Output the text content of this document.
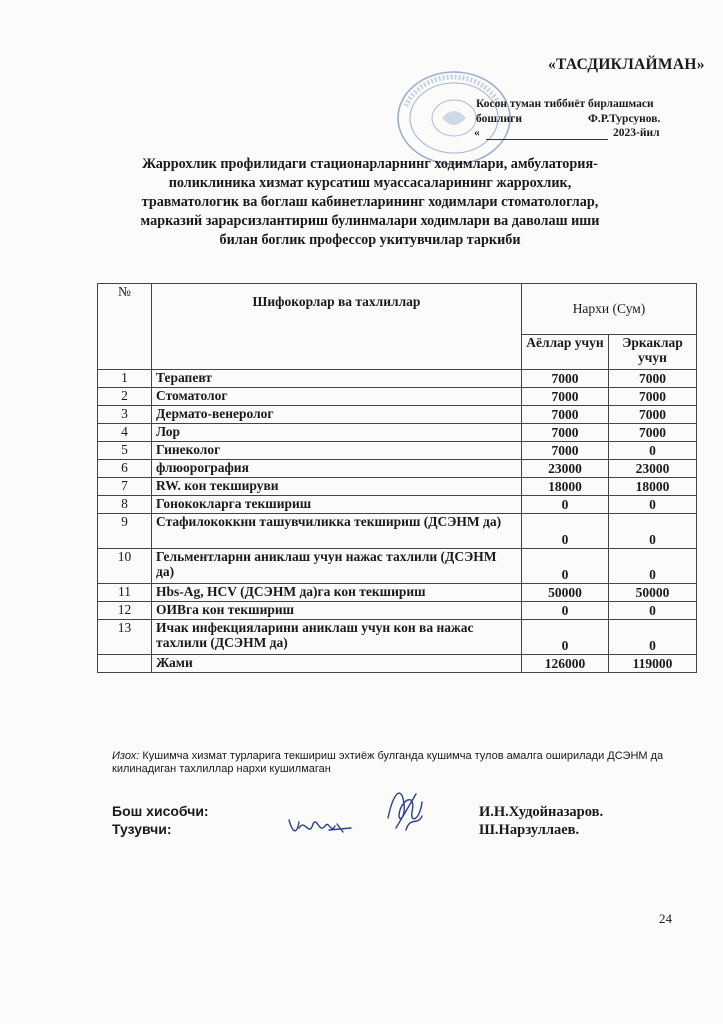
«ТАСДИКЛАЙМАН»
Косон туман тиббиёт бирлашмаси
бошлиги	Ф.Р.Турсунов.
«	2023-йил
Жаррохлик профилидаги стационарларнинг ходимлари, амбулатория-поликлиника хизмат курсатиш муассасаларининг жаррохлик, травматологик ва боглаш кабинетларининг ходимлари стоматологлар, марказий зарарсизлантириш булинмалари ходимлари ва даволаш иши билан боглик профессор укитувчилар таркиби
№	Шифокорлар ва тахлиллар	Нархи (Сум)	
		Аёллар учун	Эркаклар учун
1	Терапевт	7000	7000
2	Стоматолог	7000	7000
3	Дермато-венеролог	7000	7000
4	Лор	7000	7000
5	Гинеколог	7000	0
6	флюорография	23000	23000
7	RW. кон текшируви	18000	18000
8	Гонококларга текшириш	0	0
9	Стафилококкни ташувчиликка текшириш (ДСЭНМ да)	0	0
10	Гельментларни аниклаш учун нажас тахлили (ДСЭНМ да)	0	0
11	Hbs-Ag, HCV (ДСЭНМ да)га кон текшириш	50000	50000
12	ОИВга кон текшириш	0	0
13	Ичак инфекцияларини аниклаш учун кон ва нажас тахлили (ДСЭНМ да)	0	0
	Жами	126000	119000
Изох: Кушимча хизмат турларига текшириш эхтиёж булганда кушимча тулов амалга оширилади ДСЭНМ да килинадиган тахлиллар нархи кушилмаган
Бош хисобчи:
Тузувчи:
И.Н.Худойназаров.
Ш.Нарзуллаев.
24
